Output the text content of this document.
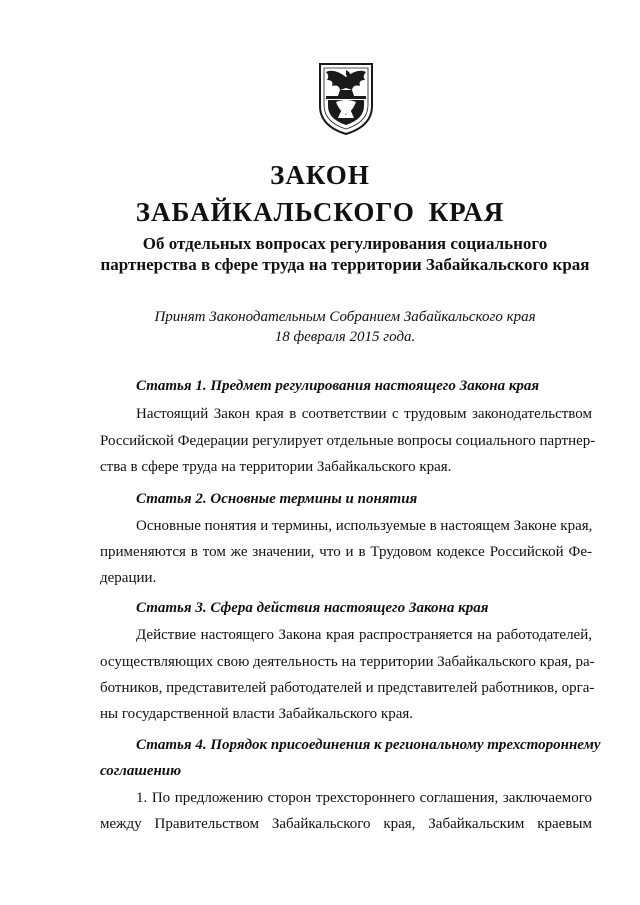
ЗАКОН
ЗАБАЙКАЛЬСКОГО КРАЯ
Об отдельных вопросах регулирования социального
партнерства в сфере труда на территории Забайкальского края
Принят Законодательным Собранием Забайкальского края
18 февраля 2015 года.
Статья 1. Предмет регулирования настоящего Закона края
Настоящий Закон края в соответствии с трудовым законодательством
Российской Федерации регулирует отдельные вопросы социального партнер-
ства в сфере труда на территории Забайкальского края.
Статья 2. Основные термины и понятия
Основные понятия и термины, используемые в настоящем Законе края,
применяются в том же значении, что и в Трудовом кодексе Российской Фе-
дерации.
Статья 3. Сфера действия настоящего Закона края
Действие настоящего Закона края распространяется на работодателей,
осуществляющих свою деятельность на территории Забайкальского края, ра-
ботников, представителей работодателей и представителей работников, орга-
ны государственной власти Забайкальского края.
Статья 4. Порядок присоединения к региональному трехстороннему
соглашению
1. По предложению сторон трехстороннего соглашения, заключаемого
между Правительством Забайкальского края, Забайкальским краевым
